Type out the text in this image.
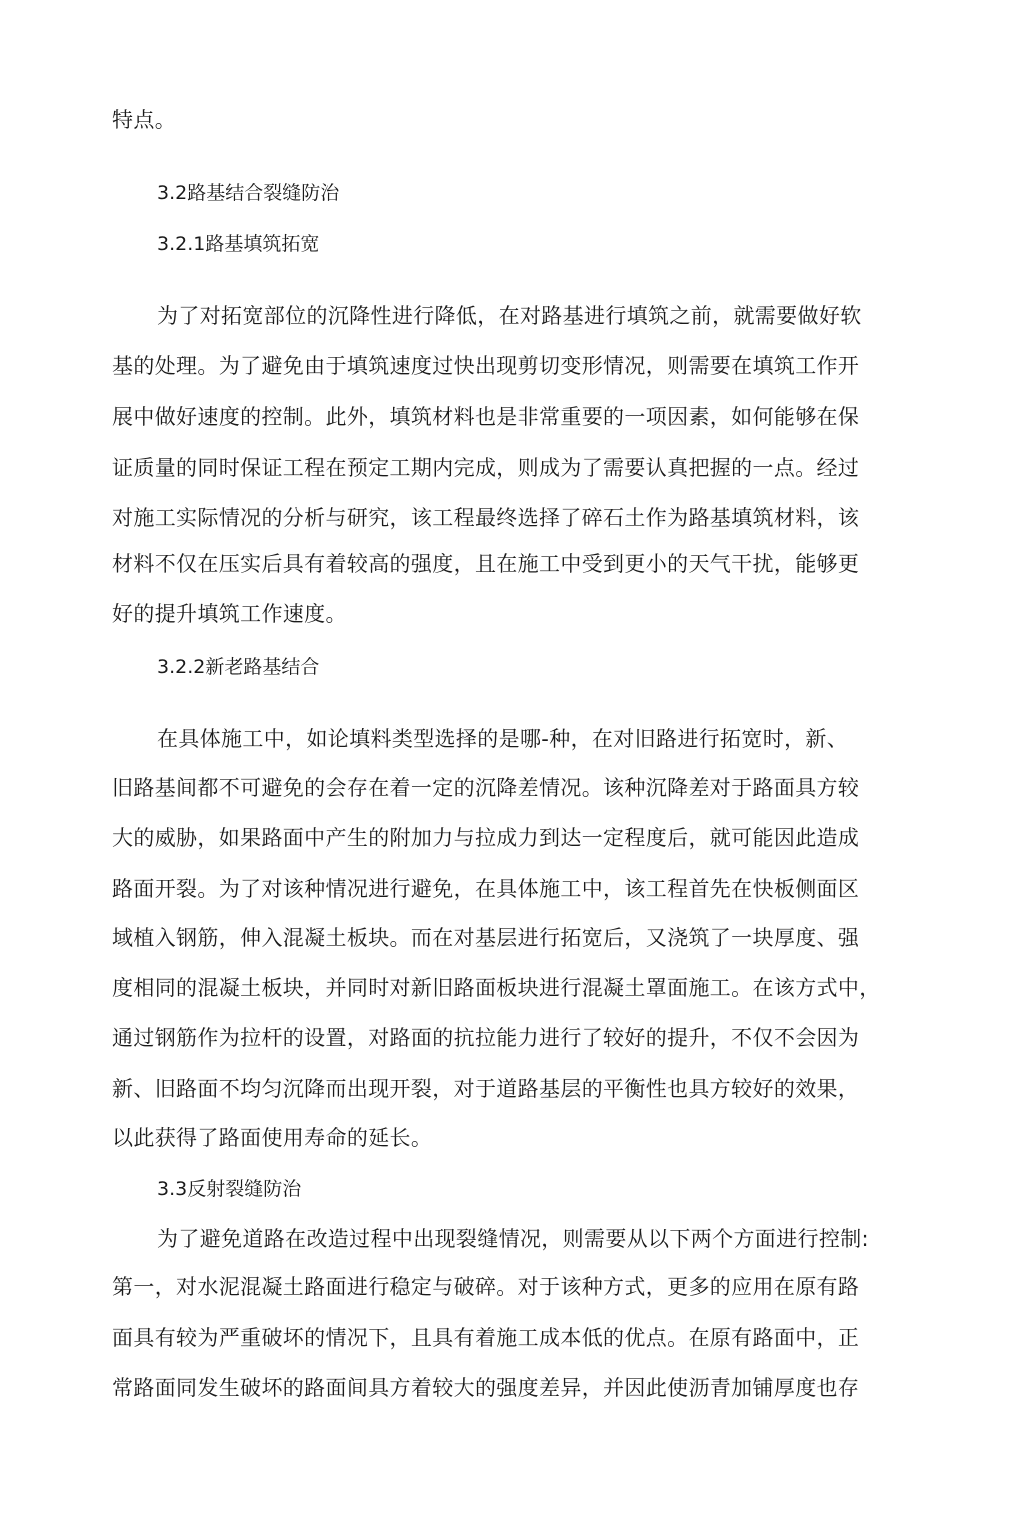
特点。
3.2路基结合裂缝防治
3.2.1路基填筑拓宽
为了对拓宽部位的沉降性进行降低，在对路基进行填筑之前，就需要做好软
基的处理。为了避免由于填筑速度过快出现剪切变形情况，则需要在填筑工作开
展中做好速度的控制。此外，填筑材料也是非常重要的一项因素，如何能够在保
证质量的同时保证工程在预定工期内完成，则成为了需要认真把握的一点。经过
对施工实际情况的分析与研究，该工程最终选择了碎石土作为路基填筑材料，该
材料不仅在压实后具有着较高的强度，且在施工中受到更小的天气干扰，能够更
好的提升填筑工作速度。
3.2.2新老路基结合
在具体施工中，如论填料类型选择的是哪-种，在对旧路进行拓宽时，新、
旧路基间都不可避免的会存在着一定的沉降差情况。该种沉降差对于路面具方较
大的威胁，如果路面中产生的附加力与拉成力到达一定程度后，就可能因此造成
路面开裂。为了对该种情况进行避免，在具体施工中，该工程首先在快板侧面区
域植入钢筋，伸入混凝土板块。而在对基层进行拓宽后，又浇筑了一块厚度、强
度相同的混凝土板块，并同时对新旧路面板块进行混凝土罩面施工。在该方式中，
通过钢筋作为拉杆的设置，对路面的抗拉能力进行了较好的提升，不仅不会因为
新、旧路面不均匀沉降而出现开裂，对于道路基层的平衡性也具方较好的效果，
以此获得了路面使用寿命的延长。
3.3反射裂缝防治
为了避免道路在改造过程中出现裂缝情况，则需要从以下两个方面进行控制:
第一，对水泥混凝土路面进行稳定与破碎。对于该种方式，更多的应用在原有路
面具有较为严重破坏的情况下，且具有着施工成本低的优点。在原有路面中，正
常路面同发生破坏的路面间具方着较大的强度差异，并因此使沥青加铺厚度也存
